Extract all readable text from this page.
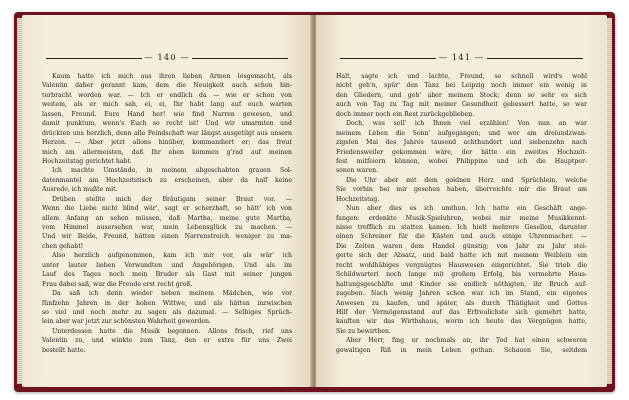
— 140 —
Kaum hatte ich mich aus ihren lieben Armen losgemacht, als
Valentin daher gerannt kam, dem die Neuigkeit auch schon hin-
terbracht worden war. — Ich er endlich da — wie er schon von
weitem, als er mich sah, ei, ei, Ihr habt lang auf euch warten
lassen, Freund. Eure Hand her! wie find Narren gewesen, und
damit punktum, wenn's Euch so recht ist! Und wir umarmten und
drückten uns herzlich, denn alle Feindschaft war längst ausgetilgt aus unsern
Herzen. — Aber jetzt allons hinüber, kommandiert er; das freut
mich am allermeisten, daß Ihr eben kommen g'rad auf meinen
Hochzeitstag gerichtet habt.
Ich machte Umstände, in meinem abgeschabten grauen Sol-
datenmantel am Hochzeitstisch zu erscheinen, aber da half keine
Ausrede, ich mußte mit.
Drüben stellte mich der Bräutigam seiner Braut vor. —
Wenn die Liebe nicht blind wär', sagt er scherzhaft, so hätt' ich von
allem Anfang an sehen müssen, daß Martha, meine gute Martha,
vom Himmel ausersehen war, mein Lebensglück zu machen. —
Und wir Beide, Freund, hätten einen Narrenstreich weniger zu ma-
chen gehabt!
Also herzlich aufgenommen, kam ich mir vor, als wär' ich
unter lauter lieben Verwandten und Angehörigen. Und als im
Lauf des Tages noch mein Bruder als Gast mit seiner jungen
Frau dabei saß, war die Freude erst recht groß.
Da saß ich denn wieder neben meinem Mädchen, wie vor
fünfzehn Jahren in der hohen Wittwe, und als hätten inzwischen
so viel und noch mehr zu sagen als dazumal. — Selbiges Sprüch-
lein aber war jetzt zur schönsten Wahrheit geworden.
Unterdessen hatte die Musik begonnen. Allons frisch, rief uns
Valentin zu, und winkte zum Tanz, den er extra für uns Zwei
bestellt hatte.
— 141 —
Halt, sagte ich und lachte, Freund, so schnell wird's wohl
nicht geh'n, spür' den Tanz bei Leipzig noch immer ein wenig in
den Gliedern, und geh' aber meinem Stock; denn so sehr es sich
auch von Tag zu Tag mit meiner Gesundheit gebessert hatte, so war
doch immer noch ein Rest zurückgeblieben.
Doch, was soll' ich Ihnen viel erzählen! Von nun an war
meinem Leben die Sonn' aufgegangen; und wer am dreiundzwan-
zigsten Mai des Jahres tausend achthundert und siebenzehn nach
Friedensweiler gekommen wäre, der hätte ein zweites Hochzeit-
fest mitfeiern können, wobei Philippine und ich die Hauptper-
sonen waren.
Die Uhr aber mit dem goldnen Herz und Sprüchlein, welche
Sie vorhin bei mir gesehen haben, überreichte mir die Braut am
Hochzeitstag.
Nun aber dies es ich umthun. Ich hatte ein Geschäft ange-
fangen: erdenkte Musik-Spieluhren, wobei mir meine Musikkennt-
nisse trefflich zu statten kamen. Ich hielt mehrere Gesellen, darunter
einen Schreiner für die Kästen und auch einige Uhrenmacher. —
Die Zeiten waren dem Handel günstig; von Jahr zu Jahr stei-
gerte sich der Absatz, und bald hatte ich mit meinem Weiblein ein
recht wohlhäbiges vergnügtes Hauswesen eingerichtet. Sie trieb die
Schildwarteri noch lange mit großem Erfolg, bis vermehrte Haus-
haltungsgeschäfte und Kinder sie endlich nöthigten, ihr Bruch auf-
zugeben. Nach wenig Jahren schon war ich im Stand, ein eigenes
Anwesen zu kaufen, und später, als durch Thätigkeit und Gottes
Hilf der Vermögensstand auf das Erfreulichste sich gemehrt hatte,
kauften wir das Wirthshaus, worin ich heute das Vergnügen hatte,
Sie zu bewirthen.
Aber Herr, fing er nochmals an, ihr Tod hat einen schweren
gewaltigen Riß in mein Leben gethan. Schauen Sie, seitdem
